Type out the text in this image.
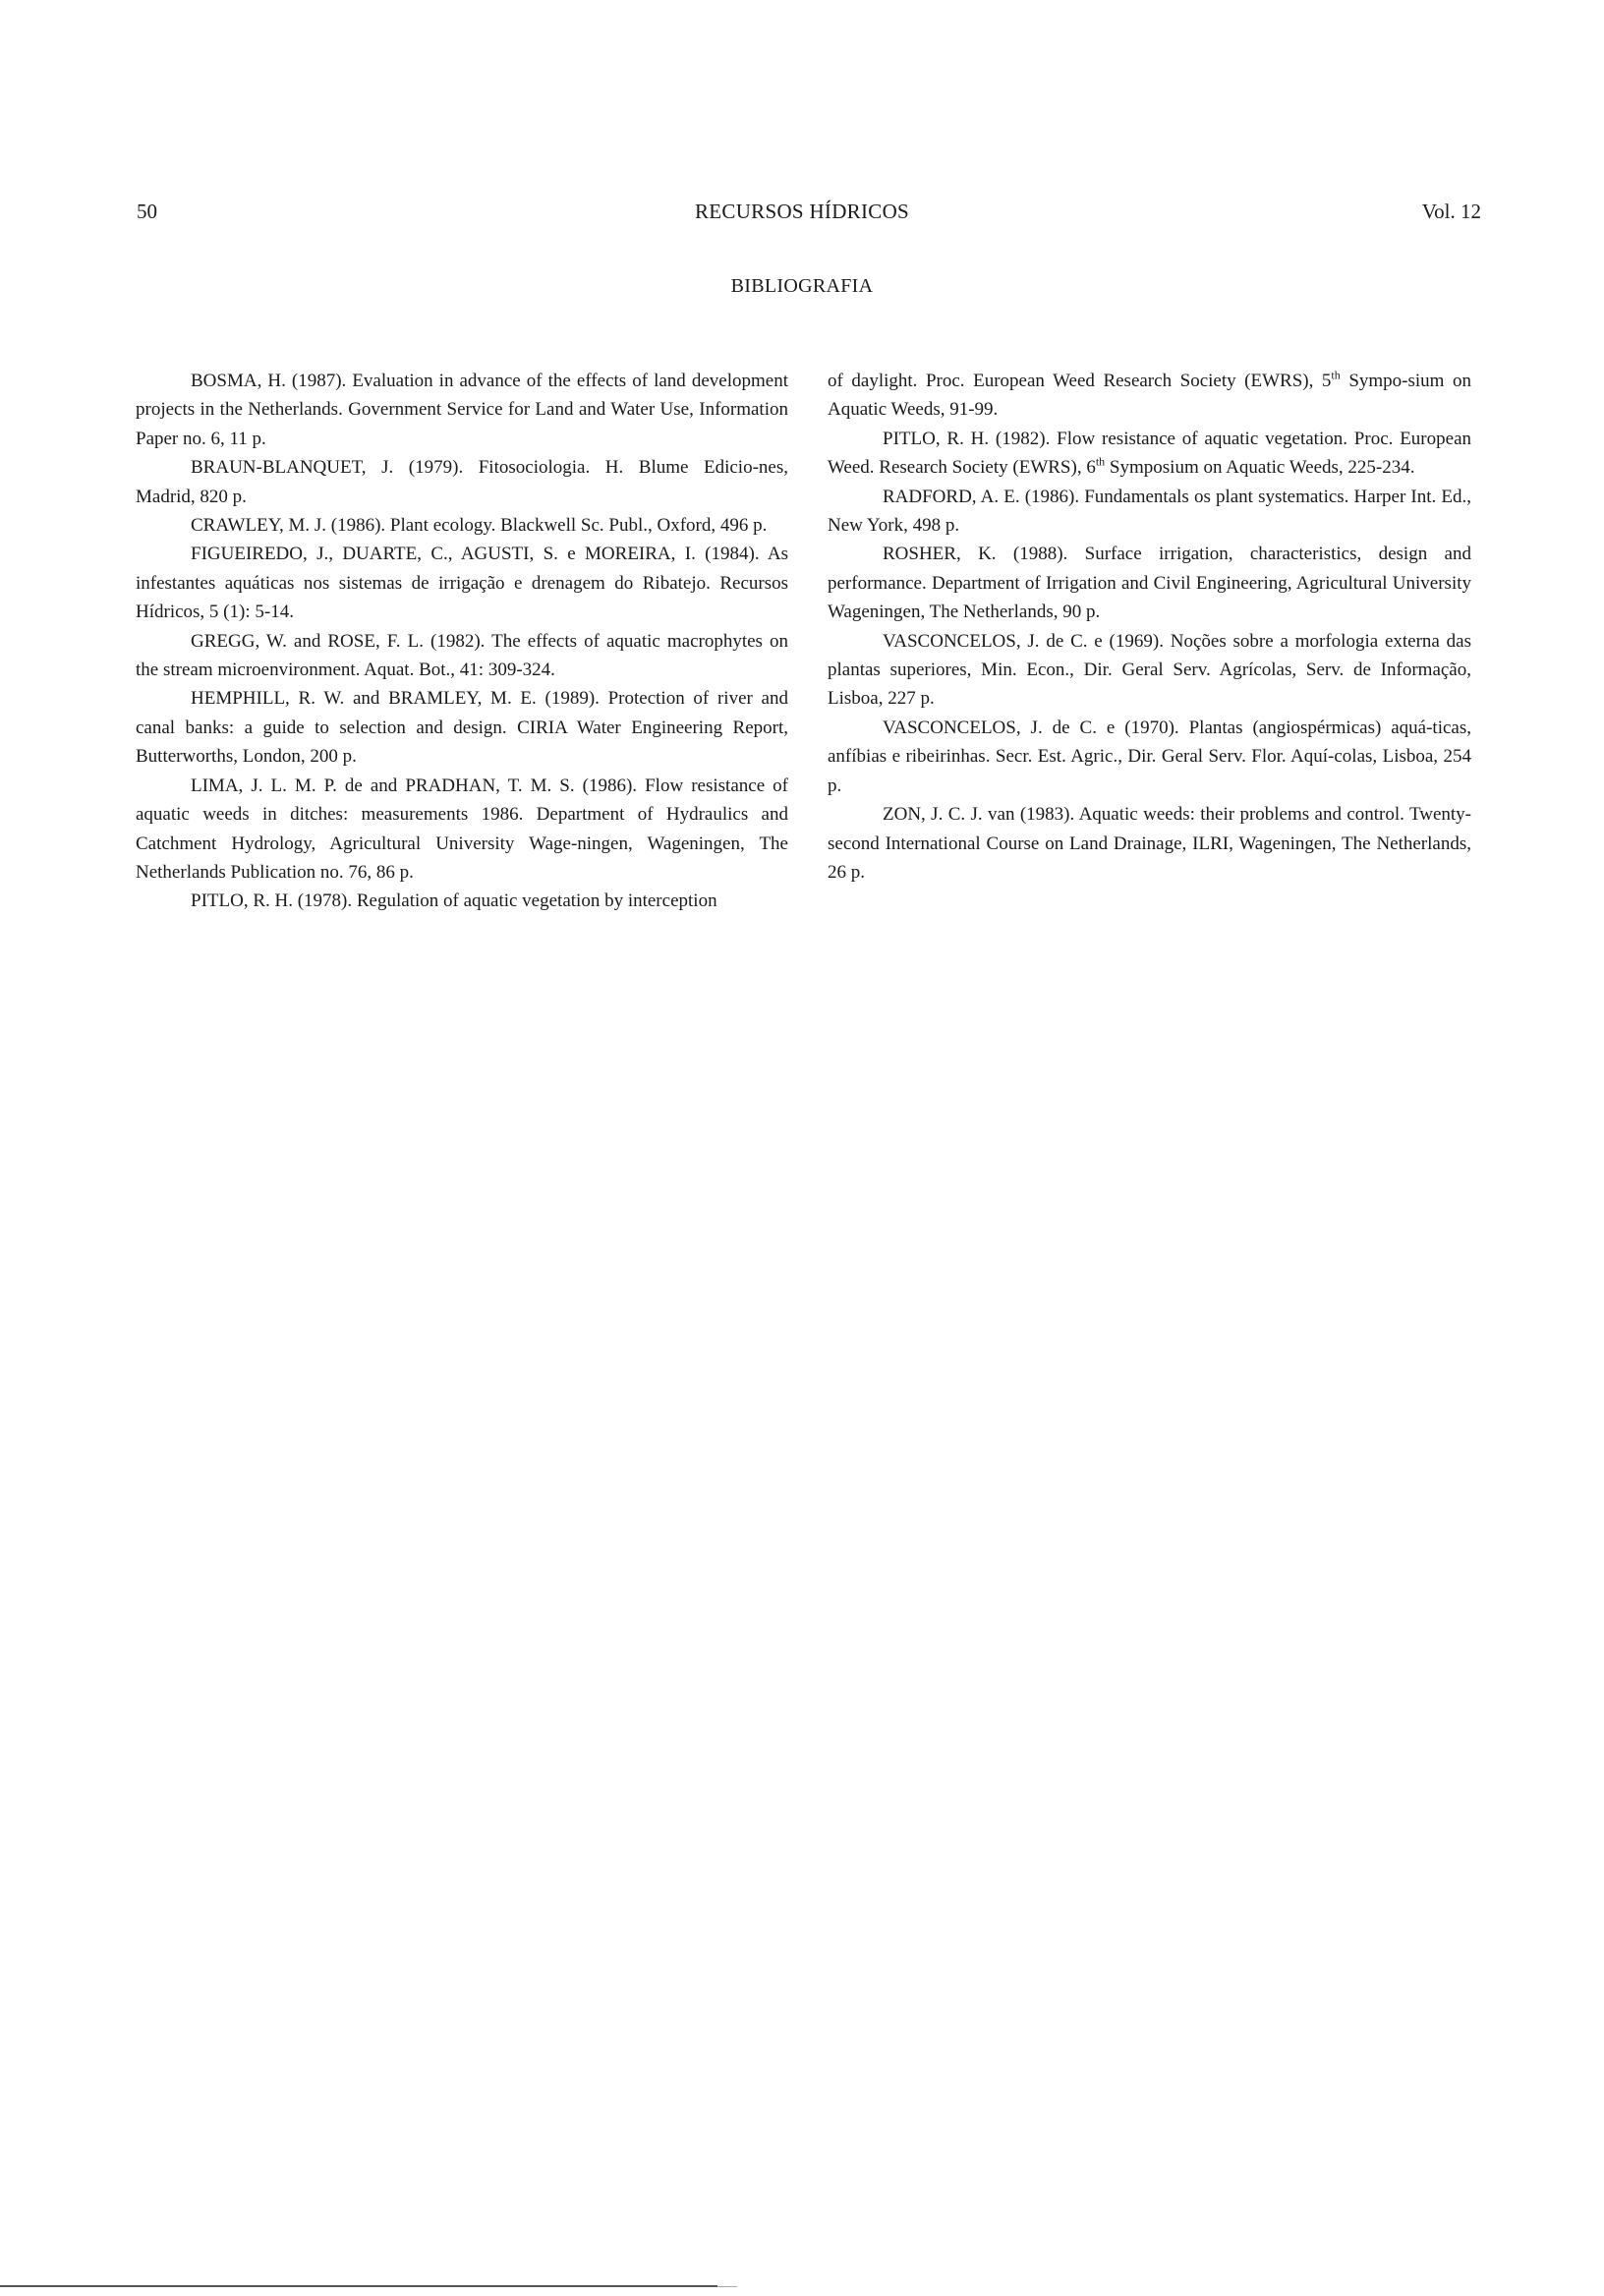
50	RECURSOS HÍDRICOS	Vol. 12
BIBLIOGRAFIA

BOSMA, H. (1987). Evaluation in advance of the effects of land development projects in the Netherlands. Government Service for Land and Water Use, Information Paper no. 6, 11 p.

BRAUN-BLANQUET, J. (1979). Fitosociologia. H. Blume Edicio-nes, Madrid, 820 p.

CRAWLEY, M. J. (1986). Plant ecology. Blackwell Sc. Publ., Oxford, 496 p.

FIGUEIREDO, J., DUARTE, C., AGUSTI, S. e MOREIRA, I. (1984). As infestantes aquáticas nos sistemas de irrigação e drenagem do Ribatejo. Recursos Hídricos, 5 (1): 5-14.

GREGG, W. and ROSE, F. L. (1982). The effects of aquatic macrophytes on the stream microenvironment. Aquat. Bot., 41: 309-324.

HEMPHILL, R. W. and BRAMLEY, M. E. (1989). Protection of river and canal banks: a guide to selection and design. CIRIA Water Engineering Report, Butterworths, London, 200 p.

LIMA, J. L. M. P. de and PRADHAN, T. M. S. (1986). Flow resistance of aquatic weeds in ditches: measurements 1986. Department of Hydraulics and Catchment Hydrology, Agricultural University Wage-ningen, Wageningen, The Netherlands Publication no. 76, 86 p.

PITLO, R. H. (1978). Regulation of aquatic vegetation by interception

of daylight. Proc. European Weed Research Society (EWRS), 5th Sympo-sium on Aquatic Weeds, 91-99.

PITLO, R. H. (1982). Flow resistance of aquatic vegetation. Proc. European Weed. Research Society (EWRS), 6th Symposium on Aquatic Weeds, 225-234.

RADFORD, A. E. (1986). Fundamentals os plant systematics. Harper Int. Ed., New York, 498 p.

ROSHER, K. (1988). Surface irrigation, characteristics, design and performance. Department of Irrigation and Civil Engineering, Agricultural University Wageningen, The Netherlands, 90 p.

VASCONCELOS, J. de C. e (1969). Noções sobre a morfologia externa das plantas superiores, Min. Econ., Dir. Geral Serv. Agrícolas, Serv. de Informação, Lisboa, 227 p.

VASCONCELOS, J. de C. e (1970). Plantas (angiospérmicas) aquá-ticas, anfíbias e ribeirinhas. Secr. Est. Agric., Dir. Geral Serv. Flor. Aquí-colas, Lisboa, 254 p.

ZON, J. C. J. van (1983). Aquatic weeds: their problems and control. Twenty-second International Course on Land Drainage, ILRI, Wageningen, The Netherlands, 26 p.
